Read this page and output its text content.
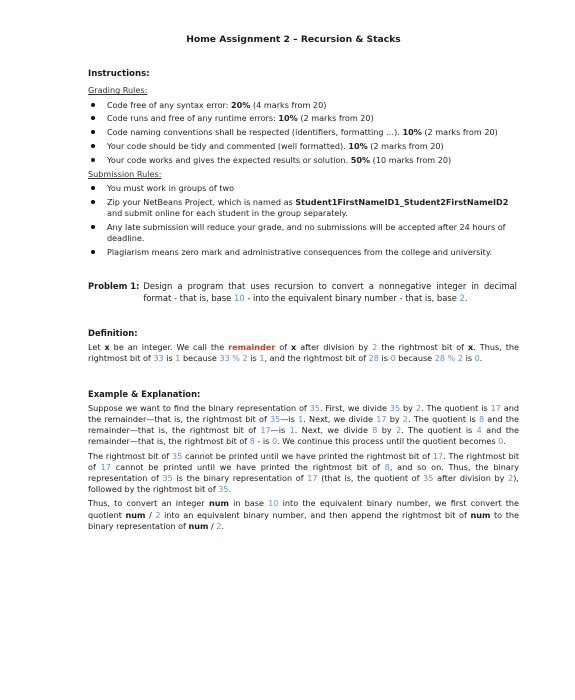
Home Assignment 2 – Recursion & Stacks
Instructions:
Grading Rules:
Code free of any syntax error: 20% (4 marks from 20)
Code runs and free of any runtime errors: 10% (2 marks from 20)
Code naming conventions shall be respected (identifiers, formatting …). 10% (2 marks from 20)
Your code should be tidy and commented (well formatted). 10% (2 marks from 20)
Your code works and gives the expected results or solution. 50% (10 marks from 20)
Submission Rules:
You must work in groups of two
Zip your NetBeans Project, which is named as Student1FirstNameID1_Student2FirstNameID2 and submit online for each student in the group separately.
Any late submission will reduce your grade, and no submissions will be accepted after 24 hours of deadline.
Plagiarism means zero mark and administrative consequences from the college and university.
Problem 1: Design a program that uses recursion to convert a nonnegative integer in decimal format - that is, base 10 - into the equivalent binary number - that is, base 2.
Definition:
Let x be an integer. We call the remainder of x after division by 2 the rightmost bit of x. Thus, the rightmost bit of 33 is 1 because 33 % 2 is 1, and the rightmost bit of 28 is 0 because 28 % 2 is 0.
Example & Explanation:
Suppose we want to find the binary representation of 35. First, we divide 35 by 2. The quotient is 17 and the remainder—that is, the rightmost bit of 35—is 1. Next, we divide 17 by 2. The quotient is 8 and the remainder—that is, the rightmost bit of 17—is 1. Next, we divide 8 by 2. The quotient is 4 and the remainder—that is, the rightmost bit of 8 - is 0. We continue this process until the quotient becomes 0.
The rightmost bit of 35 cannot be printed until we have printed the rightmost bit of 17. The rightmost bit of 17 cannot be printed until we have printed the rightmost bit of 8, and so on. Thus, the binary representation of 35 is the binary representation of 17 (that is, the quotient of 35 after division by 2), followed by the rightmost bit of 35.
Thus, to convert an integer num in base 10 into the equivalent binary number, we first convert the quotient num / 2 into an equivalent binary number, and then append the rightmost bit of num to the binary representation of num / 2.
